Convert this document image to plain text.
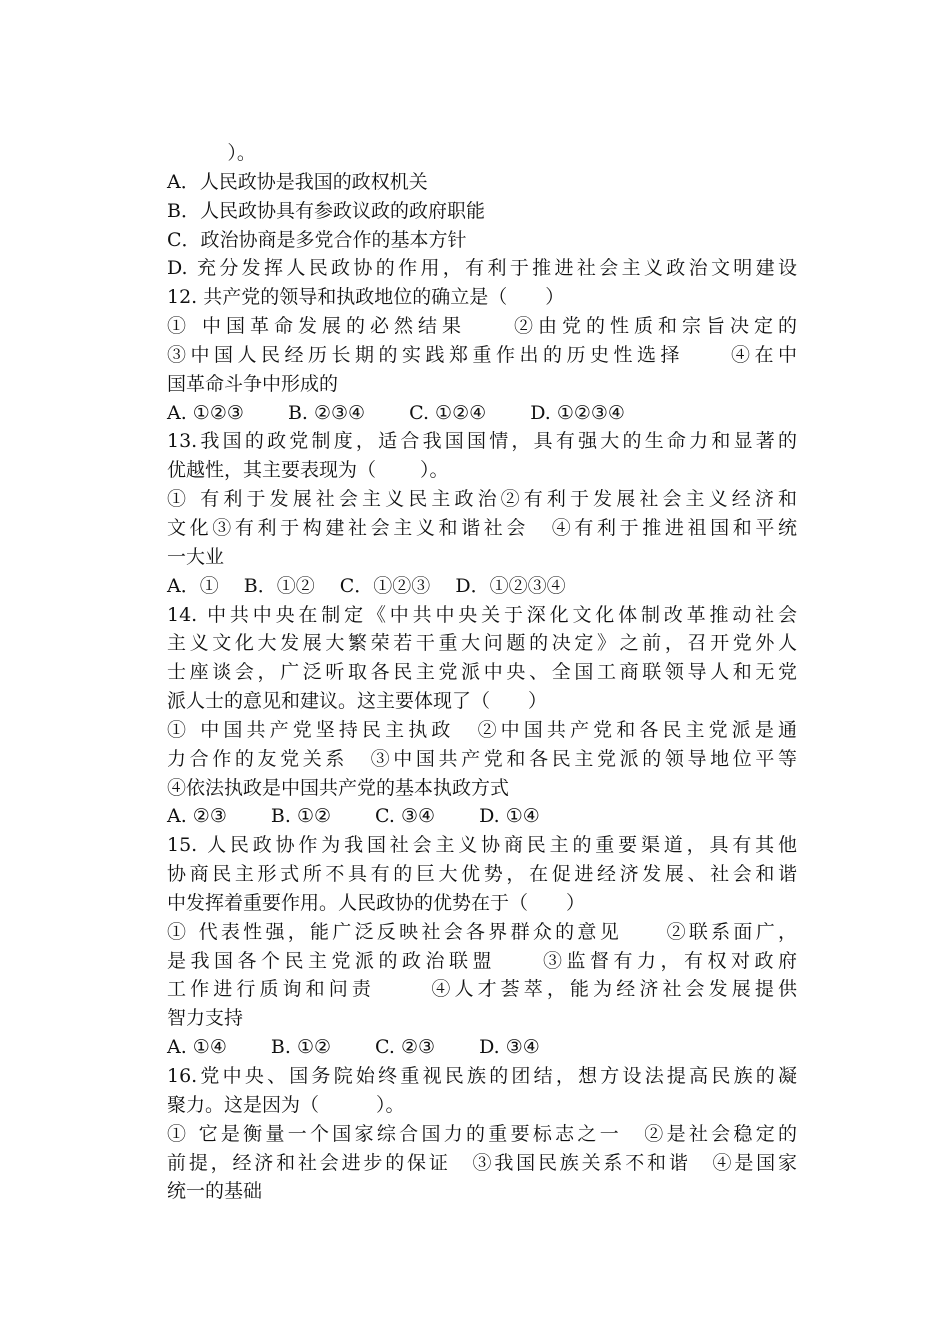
）。
A．人民政协是我国的政权机关
B．人民政协具有参政议政的政府职能
C．政治协商是多党合作的基本方针
D. 充分发挥人民政协的作用，有利于推进社会主义政治文明建设
12. 共产党的领导和执政地位的确立是（　　）
① 中国革命发展的必然结果　　②由党的性质和宗旨决定的
③中国人民经历长期的实践郑重作出的历史性选择　　④在中
国革命斗争中形成的
A. ①②③　　 B. ②③④　　 C. ①②④　　 D. ①②③④
13.我国的政党制度，适合我国国情，具有强大的生命力和显著的
优越性，其主要表现为（　　 ）。
① 有利于发展社会主义民主政治②有利于发展社会主义经济和
文化③有利于构建社会主义和谐社会　④有利于推进祖国和平统
一大业
A．①　 B．①②　 C．①②③　 D．①②③④
14. 中共中央在制定《中共中央关于深化文化体制改革推动社会
主义文化大发展大繁荣若干重大问题的决定》之前，召开党外人
士座谈会，广泛听取各民主党派中央、全国工商联领导人和无党
派人士的意见和建议。这主要体现了（　　）
① 中国共产党坚持民主执政　②中国共产党和各民主党派是通
力合作的友党关系　③中国共产党和各民主党派的领导地位平等
④依法执政是中国共产党的基本执政方式
A. ②③　　 B. ①②　　 C. ③④　　 D. ①④
15. 人民政协作为我国社会主义协商民主的重要渠道，具有其他
协商民主形式所不具有的巨大优势，在促进经济发展、社会和谐
中发挥着重要作用。人民政协的优势在于（　　）
① 代表性强，能广泛反映社会各界群众的意见　　②联系面广，
是我国各个民主党派的政治联盟　　③监督有力，有权对政府
工作进行质询和问责　　 ④人才荟萃，能为经济社会发展提供
智力支持
A. ①④　　 B. ①②　　 C. ②③　　 D. ③④
16.党中央、国务院始终重视民族的团结，想方设法提高民族的凝
聚力。这是因为（　　　）。
① 它是衡量一个国家综合国力的重要标志之一　②是社会稳定的
前提，经济和社会进步的保证　③我国民族关系不和谐　④是国家
统一的基础
